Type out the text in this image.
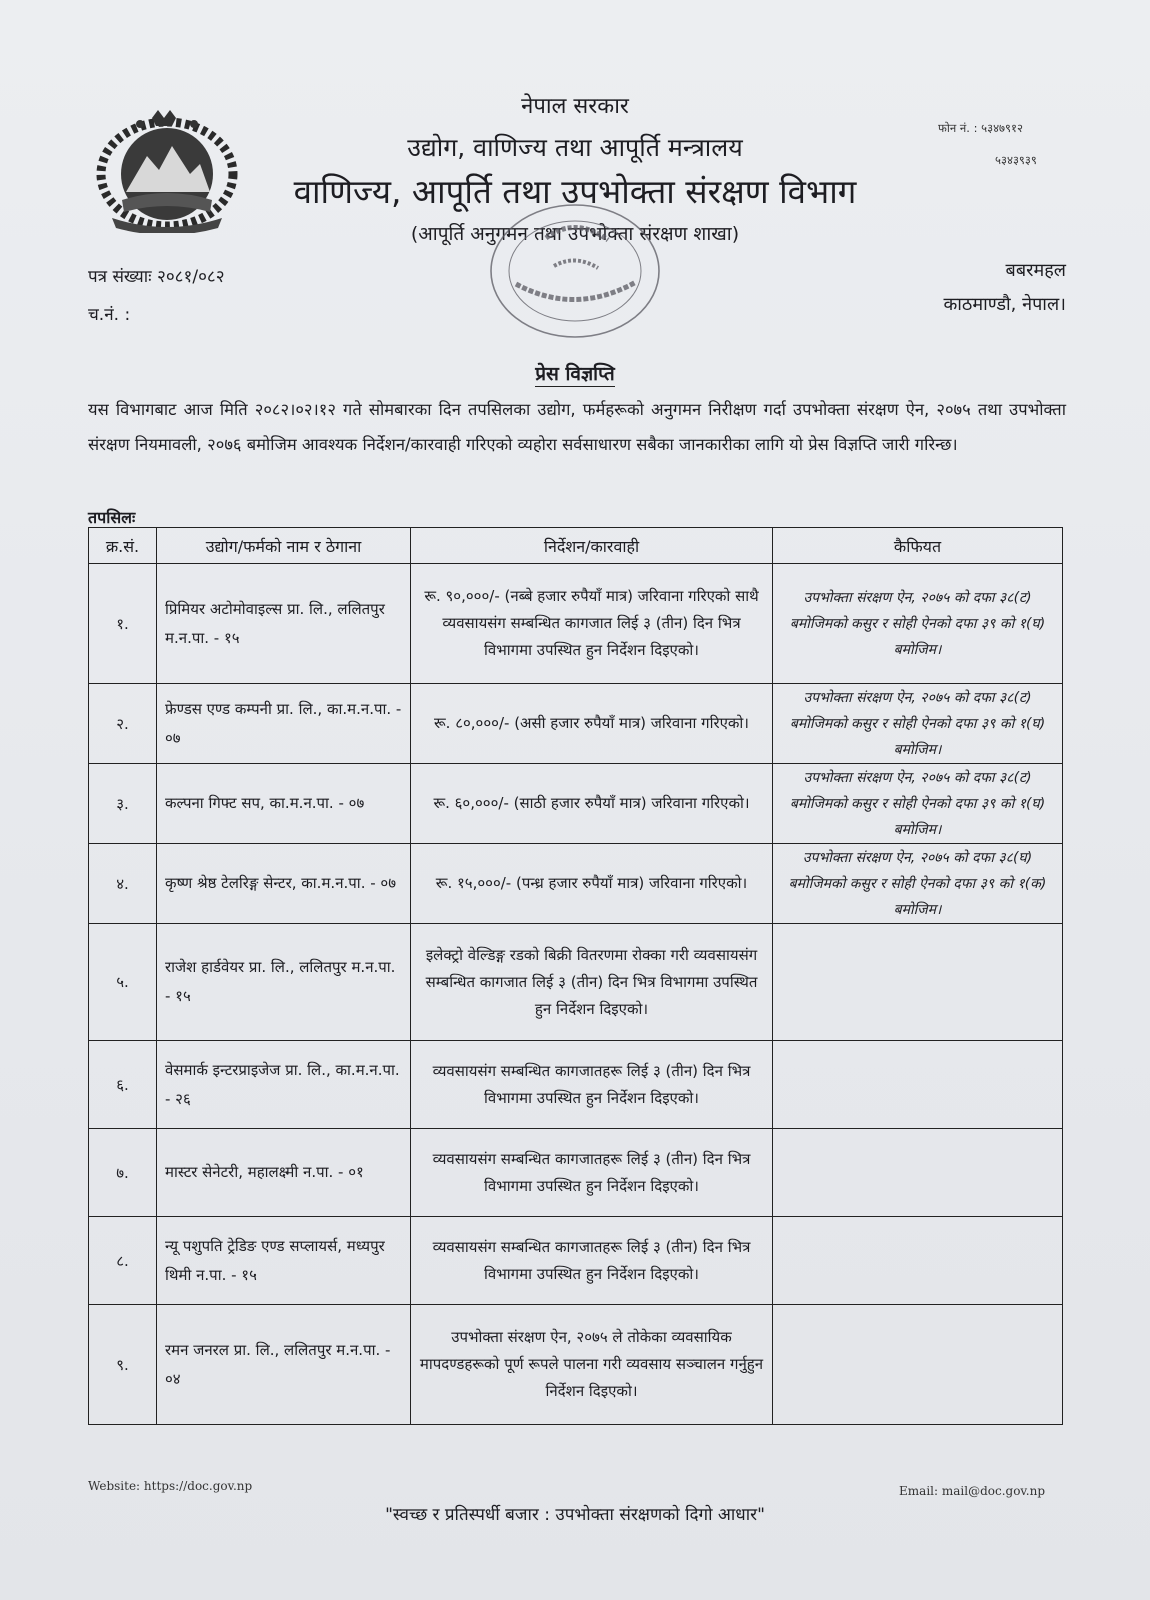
नेपाल सरकार
उद्योग, वाणिज्य तथा आपूर्ति मन्त्रालय
वाणिज्य, आपूर्ति तथा उपभोक्ता संरक्षण विभाग
(आपूर्ति अनुगमन तथा उपभोक्ता संरक्षण शाखा)
फोन नं. : ५३४७९१२
५३४३९३९
पत्र संख्याः २०८१/०८२
च.नं. :
बबरमहल
काठमाण्डौ, नेपाल।
प्रेस विज्ञप्ति
यस विभागबाट आज मिति २०८२।०२।१२ गते सोमबारका दिन तपसिलका उद्योग, फर्महरूको अनुगमन निरीक्षण गर्दा उपभोक्ता संरक्षण ऐन, २०७५ तथा उपभोक्ता संरक्षण नियमावली, २०७६ बमोजिम आवश्यक निर्देशन/कारवाही गरिएको व्यहोरा सर्वसाधारण सबैका जानकारीका लागि यो प्रेस विज्ञप्ति जारी गरिन्छ।
तपसिलः
क्र.सं.	उद्योग/फर्मको नाम र ठेगाना	निर्देशन/कारवाही	कैफियत
१.	प्रिमियर अटोमोवाइल्स प्रा. लि., ललितपुर म.न.पा. - १५	रू. ९०,०००/- (नब्बे हजार रुपैयाँ मात्र) जरिवाना गरिएको साथै व्यवसायसंग सम्बन्धित कागजात लिई ३ (तीन) दिन भित्र विभागमा उपस्थित हुन निर्देशन दिइएको।	उपभोक्ता संरक्षण ऐन, २०७५ को दफा ३८(ट) बमोजिमको कसुर र सोही ऐनको दफा ३९ को १(घ) बमोजिम।
२.	फ्रेण्डस एण्ड कम्पनी प्रा. लि., का.म.न.पा. - ०७	रू. ८०,०००/- (असी हजार रुपैयाँ मात्र) जरिवाना गरिएको।	उपभोक्ता संरक्षण ऐन, २०७५ को दफा ३८(ट) बमोजिमको कसुर र सोही ऐनको दफा ३९ को १(घ) बमोजिम।
३.	कल्पना गिफ्ट सप, का.म.न.पा. - ०७	रू. ६०,०००/- (साठी हजार रुपैयाँ मात्र) जरिवाना गरिएको।	उपभोक्ता संरक्षण ऐन, २०७५ को दफा ३८(ट) बमोजिमको कसुर र सोही ऐनको दफा ३९ को १(घ) बमोजिम।
४.	कृष्ण श्रेष्ठ टेलरिङ्ग सेन्टर, का.म.न.पा. - ०७	रू. १५,०००/- (पन्ध्र हजार रुपैयाँ मात्र) जरिवाना गरिएको।	उपभोक्ता संरक्षण ऐन, २०७५ को दफा ३८(घ) बमोजिमको कसुर र सोही ऐनको दफा ३९ को १(क) बमोजिम।
५.	राजेश हार्डवेयर प्रा. लि., ललितपुर म.न.पा. - १५	इलेक्ट्रो वेल्डिङ्ग रडको बिक्री वितरणमा रोक्का गरी व्यवसायसंग सम्बन्धित कागजात लिई ३ (तीन) दिन भित्र विभागमा उपस्थित हुन निर्देशन दिइएको।	
६.	वेसमार्क इन्टरप्राइजेज प्रा. लि., का.म.न.पा. - २६	व्यवसायसंग सम्बन्धित कागजातहरू लिई ३ (तीन) दिन भित्र विभागमा उपस्थित हुन निर्देशन दिइएको।	
७.	मास्टर सेनेटरी, महालक्ष्मी न.पा. - ०१	व्यवसायसंग सम्बन्धित कागजातहरू लिई ३ (तीन) दिन भित्र विभागमा उपस्थित हुन निर्देशन दिइएको।	
८.	न्यू पशुपति ट्रेडिङ एण्ड सप्लायर्स, मध्यपुर थिमी न.पा. - १५	व्यवसायसंग सम्बन्धित कागजातहरू लिई ३ (तीन) दिन भित्र विभागमा उपस्थित हुन निर्देशन दिइएको।	
९.	रमन जनरल प्रा. लि., ललितपुर म.न.पा. - ०४	उपभोक्ता संरक्षण ऐन, २०७५ ले तोकेका व्यवसायिक मापदण्डहरूको पूर्ण रूपले पालना गरी व्यवसाय सञ्चालन गर्नुहुन निर्देशन दिइएको।	
Website: https://doc.gov.np	Email: mail@doc.gov.np
"स्वच्छ र प्रतिस्पर्धी बजार : उपभोक्ता संरक्षणको दिगो आधार"
